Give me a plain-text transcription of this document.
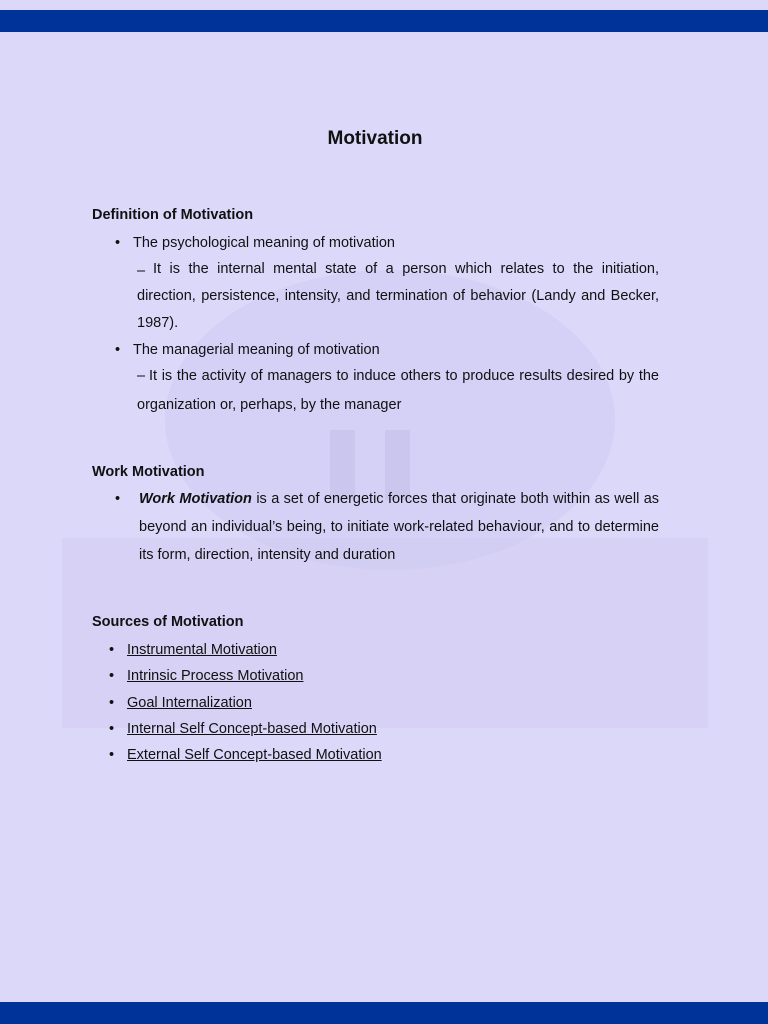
Motivation
Definition of Motivation
• The psychological meaning of motivation
– It is the internal mental state of a person which relates to the initiation, direction, persistence, intensity, and termination of behavior (Landy and Becker, 1987).
• The managerial meaning of motivation
– It is the activity of managers to induce others to produce results desired by the organization or, perhaps, by the manager
Work Motivation
• Work Motivation is a set of energetic forces that originate both within as well as beyond an individual’s being, to initiate work-related behaviour, and to determine its form, direction, intensity and duration
Sources of Motivation
• Instrumental Motivation
• Intrinsic Process Motivation
• Goal Internalization
• Internal Self Concept-based Motivation
• External Self Concept-based Motivation
